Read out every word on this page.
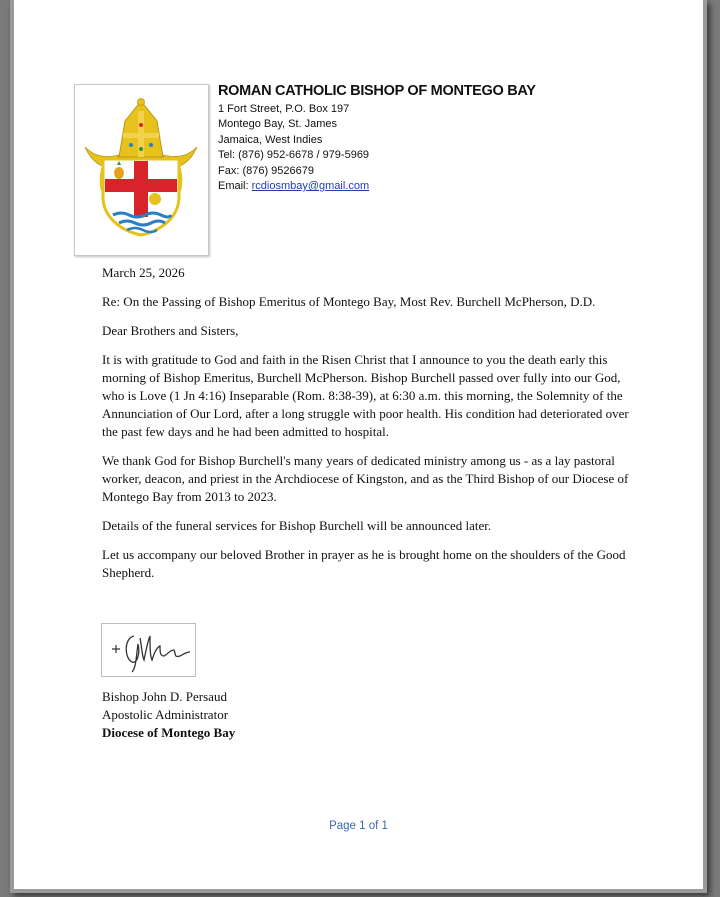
ROMAN CATHOLIC BISHOP OF MONTEGO BAY
1 Fort Street, P.O. Box 197
Montego Bay, St. James
Jamaica, West Indies
Tel: (876) 952-6678 / 979-5969
Fax: (876) 9526679
Email: rcdiosmbay@gmail.com

March 25, 2026

Re: On the Passing of Bishop Emeritus of Montego Bay, Most Rev. Burchell McPherson, D.D.

Dear Brothers and Sisters,

It is with gratitude to God and faith in the Risen Christ that I announce to you the death early this morning of Bishop Emeritus, Burchell McPherson. Bishop Burchell passed over fully into our God, who is Love (1 Jn 4:16) Inseparable (Rom. 8:38-39), at 6:30 a.m. this morning, the Solemnity of the Annunciation of Our Lord, after a long struggle with poor health. His condition had deteriorated over the past few days and he had been admitted to hospital.

We thank God for Bishop Burchell's many years of dedicated ministry among us - as a lay pastoral worker, deacon, and priest in the Archdiocese of Kingston, and as the Third Bishop of our Diocese of Montego Bay from 2013 to 2023.

Details of the funeral services for Bishop Burchell will be announced later.

Let us accompany our beloved Brother in prayer as he is brought home on the shoulders of the Good Shepherd.

Bishop John D. Persaud
Apostolic Administrator
Diocese of Montego Bay
Page 1 of 1
